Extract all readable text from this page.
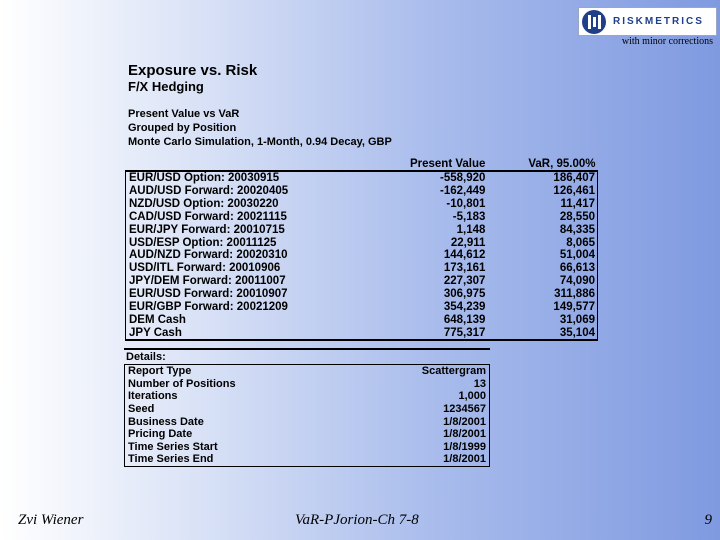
RISKMETRICS
with minor corrections
Exposure vs. Risk
F/X Hedging
Present Value vs VaR
Grouped by Position
Monte Carlo Simulation, 1-Month, 0.94 Decay, GBP
	Present Value	VaR, 95.00%
EUR/USD Option: 20030915	-558,920	186,407
AUD/USD Forward: 20020405	-162,449	126,461
NZD/USD Option: 20030220	-10,801	11,417
CAD/USD Forward: 20021115	-5,183	28,550
EUR/JPY Forward: 20010715	1,148	84,335
USD/ESP Option: 20011125	22,911	8,065
AUD/NZD Forward: 20020310	144,612	51,004
USD/ITL Forward: 20010906	173,161	66,613
JPY/DEM Forward: 20011007	227,307	74,090
EUR/USD Forward: 20010907	306,975	311,886
EUR/GBP Forward: 20021209	354,239	149,577
DEM Cash	648,139	31,069
JPY Cash	775,317	35,104
Details:
Report Type	Scattergram
Number of Positions	13
Iterations	1,000
Seed	1234567
Business Date	1/8/2001
Pricing Date	1/8/2001
Time Series Start	1/8/1999
Time Series End	1/8/2001
Zvi Wiener	VaR-PJorion-Ch 7-8	9
